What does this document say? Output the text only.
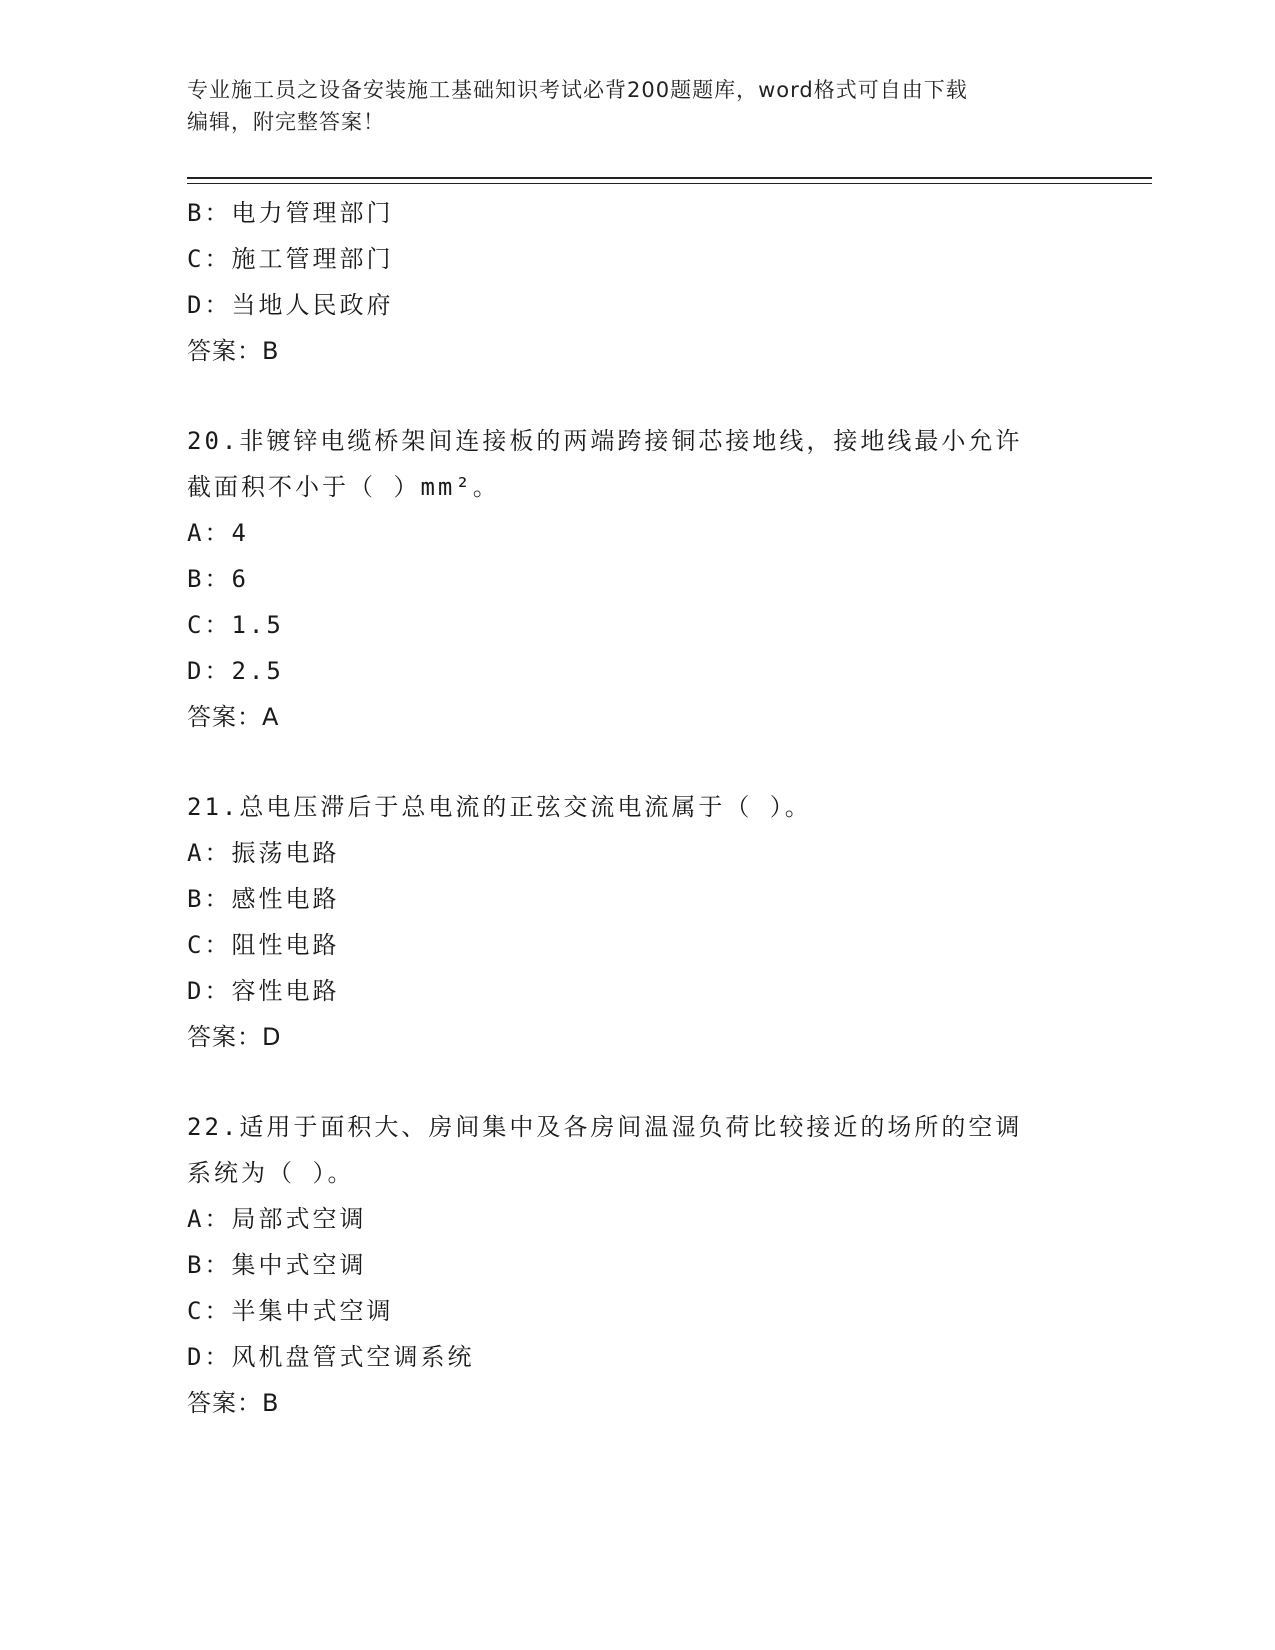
专业施工员之设备安装施工基础知识考试必背200题题库，word格式可自由下载
编辑，附完整答案！
B：电力管理部门
C：施工管理部门
D：当地人民政府
答案：B
20.非镀锌电缆桥架间连接板的两端跨接铜芯接地线，接地线最小允许
截面积不小于（ ）mm²。
A：4
B：6
C：1.5
D：2.5
答案：A
21.总电压滞后于总电流的正弦交流电流属于（ ）。
A：振荡电路
B：感性电路
C：阻性电路
D：容性电路
答案：D
22.适用于面积大、房间集中及各房间温湿负荷比较接近的场所的空调
系统为（ ）。
A：局部式空调
B：集中式空调
C：半集中式空调
D：风机盘管式空调系统
答案：B
